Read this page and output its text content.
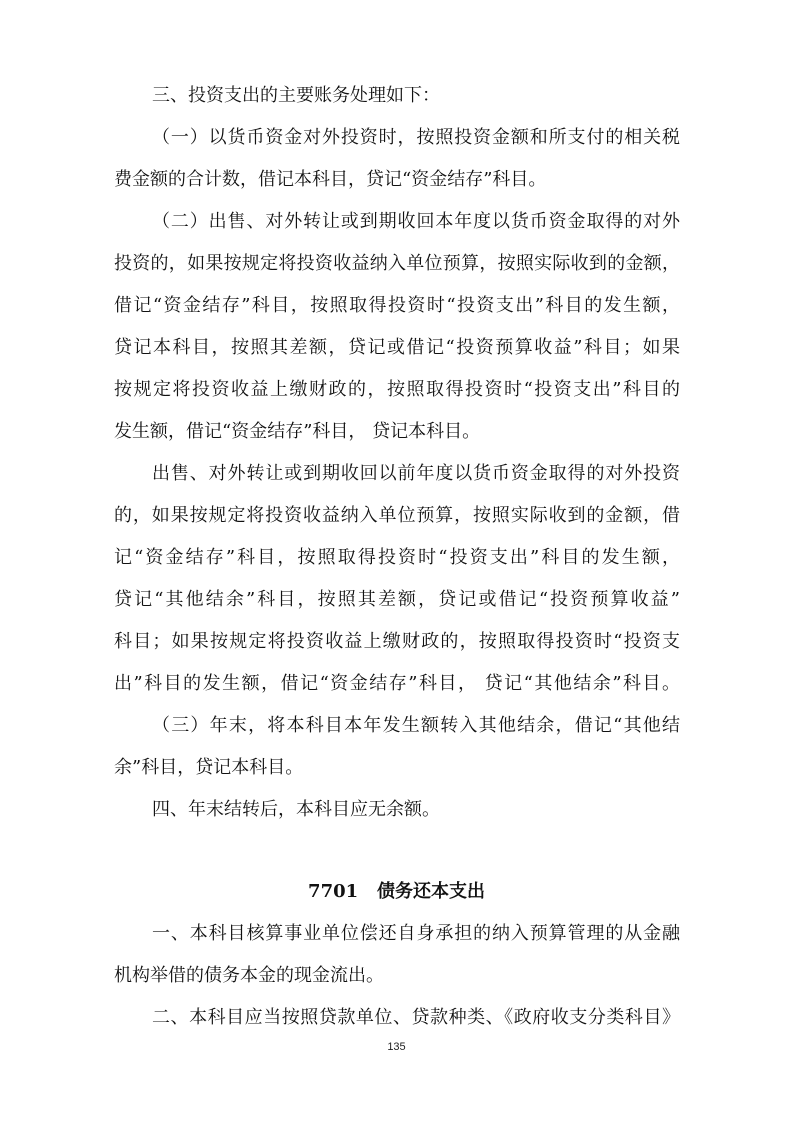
三、投资支出的主要账务处理如下：
（一）以货币资金对外投资时，按照投资金额和所支付的相关税
费金额的合计数，借记本科目，贷记“资金结存”科目。
（二）出售、对外转让或到期收回本年度以货币资金取得的对外
投资的，如果按规定将投资收益纳入单位预算，按照实际收到的金额，
借记“资金结存”科目，按照取得投资时“投资支出”科目的发生额，
贷记本科目，按照其差额，贷记或借记“投资预算收益”科目；如果
按规定将投资收益上缴财政的，按照取得投资时“投资支出”科目的
发生额，借记“资金结存”科目， 贷记本科目。
出售、对外转让或到期收回以前年度以货币资金取得的对外投资
的，如果按规定将投资收益纳入单位预算，按照实际收到的金额，借
记“资金结存”科目，按照取得投资时“投资支出”科目的发生额，
贷记“其他结余”科目，按照其差额，贷记或借记“投资预算收益”
科目；如果按规定将投资收益上缴财政的，按照取得投资时“投资支
出”科目的发生额，借记“资金结存”科目， 贷记“其他结余”科目。
（三）年末，将本科目本年发生额转入其他结余，借记“其他结
余”科目，贷记本科目。
四、年末结转后，本科目应无余额。
7701   债务还本支出
一、本科目核算事业单位偿还自身承担的纳入预算管理的从金融
机构举借的债务本金的现金流出。
二、本科目应当按照贷款单位、贷款种类、《政府收支分类科目》
135
